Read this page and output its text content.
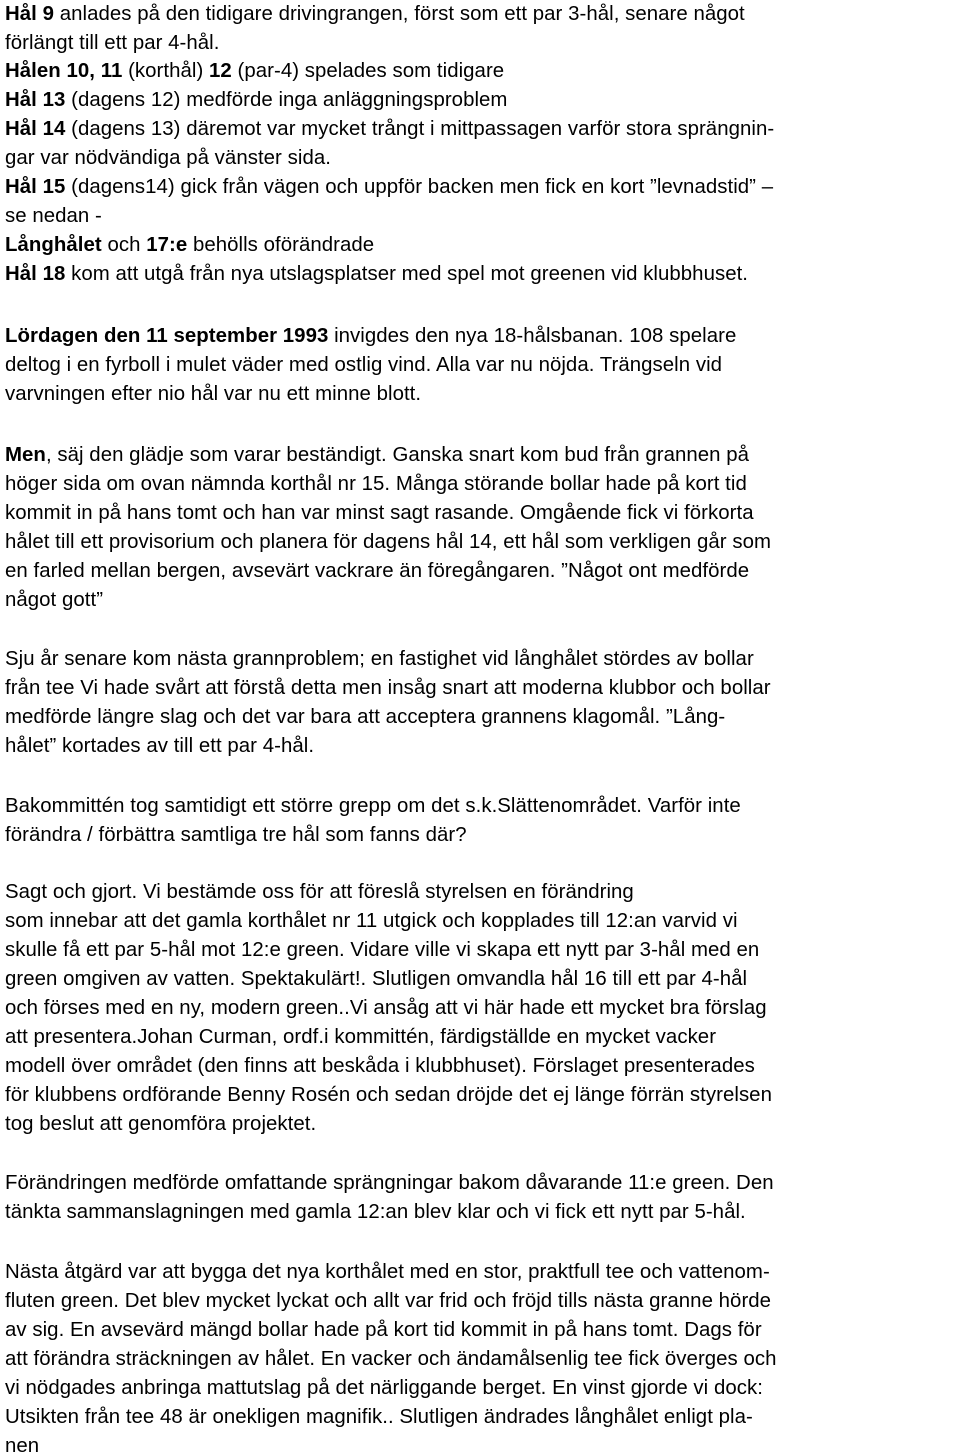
Hål 9 anlades på den tidigare drivingrangen, först som ett par 3-hål, senare något

förlängt till ett par 4-hål.

Hålen 10, 11 (korthål) 12 (par-4) spelades som tidigare

Hål 13 (dagens 12) medförde inga anläggningsproblem

Hål 14 (dagens 13) däremot var mycket trångt i mittpassagen varför stora sprängnin-

gar var nödvändiga på vänster sida.

Hål 15 (dagens14) gick från vägen och uppför backen men fick en kort ”levnadstid” –

se nedan -

Långhålet och 17:e behölls oförändrade

Hål 18 kom att utgå från nya utslagsplatser med spel mot greenen vid klubbhuset.

Lördagen den 11 september 1993 invigdes den nya 18-hålsbanan. 108 spelare

deltog i en fyrboll i mulet väder med ostlig vind. Alla var nu nöjda. Trängseln vid

varvningen efter nio hål var nu ett minne blott.

Men, säj den glädje som varar beständigt. Ganska snart kom bud från grannen på

höger sida om ovan nämnda korthål nr 15. Många störande bollar hade på kort tid

kommit in på hans tomt och han var minst sagt rasande. Omgående fick vi förkorta

hålet till ett provisorium och planera för dagens hål 14, ett hål som verkligen går som

en farled mellan bergen, avsevärt vackrare än föregångaren. ”Något ont medförde

något gott”

Sju år senare kom nästa grannproblem; en fastighet vid långhålet stördes av bollar

från tee Vi hade svårt att förstå detta men insåg snart att moderna klubbor och bollar

medförde längre slag och det var bara att acceptera grannens klagomål. ”Lång-

hålet” kortades av till ett par 4-hål.

Bakommittén tog samtidigt ett större grepp om det s.k.Slättenområdet. Varför inte

förändra / förbättra samtliga tre hål som fanns där?

Sagt och gjort. Vi bestämde oss för att föreslå styrelsen en förändring

som innebar att det gamla korthålet nr 11 utgick och kopplades till 12:an varvid vi

skulle få ett par 5-hål mot 12:e green. Vidare ville vi skapa ett nytt par 3-hål med en

green omgiven av vatten. Spektakulärt!. Slutligen omvandla hål 16 till ett par 4-hål

och förses med en ny, modern green..Vi ansåg att vi här hade ett mycket bra förslag

att presentera.Johan Curman, ordf.i kommittén, färdigställde en mycket vacker

modell över området (den finns att beskåda i klubbhuset). Förslaget presenterades

för klubbens ordförande Benny Rosén och sedan dröjde det ej länge förrän styrelsen

tog beslut att genomföra projektet.

Förändringen medförde omfattande sprängningar bakom dåvarande 11:e green. Den

tänkta sammanslagningen med gamla 12:an blev klar och vi fick ett nytt par 5-hål.

Nästa åtgärd var att bygga det nya korthålet med en stor, praktfull tee och vattenom-

fluten green. Det blev mycket lyckat och allt var frid och fröjd tills nästa granne hörde

av sig. En avsevärd mängd bollar hade på kort tid kommit in på hans tomt. Dags för

att förändra sträckningen av hålet. En vacker och ändamålsenlig tee fick överges och

vi nödgades anbringa mattutslag på det närliggande berget. En vinst gjorde vi dock:

Utsikten från tee 48 är onekligen magnifik.. Slutligen ändrades långhålet enligt pla-

nen
